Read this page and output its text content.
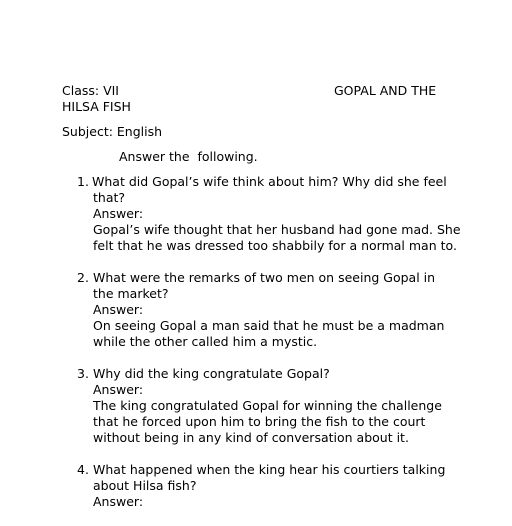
Class: VII	GOPAL AND THE
HILSA FISH
Subject: English
Answer the  following.
1. What did Gopal’s wife think about him? Why did she feel
that?
Answer:
Gopal’s wife thought that her husband had gone mad. She
felt that he was dressed too shabbily for a normal man to.
2. What were the remarks of two men on seeing Gopal in
the market?
Answer:
On seeing Gopal a man said that he must be a madman
while the other called him a mystic.
3. Why did the king congratulate Gopal?
Answer:
The king congratulated Gopal for winning the challenge
that he forced upon him to bring the fish to the court
without being in any kind of conversation about it.
4. What happened when the king hear his courtiers talking
about Hilsa fish?
Answer:
